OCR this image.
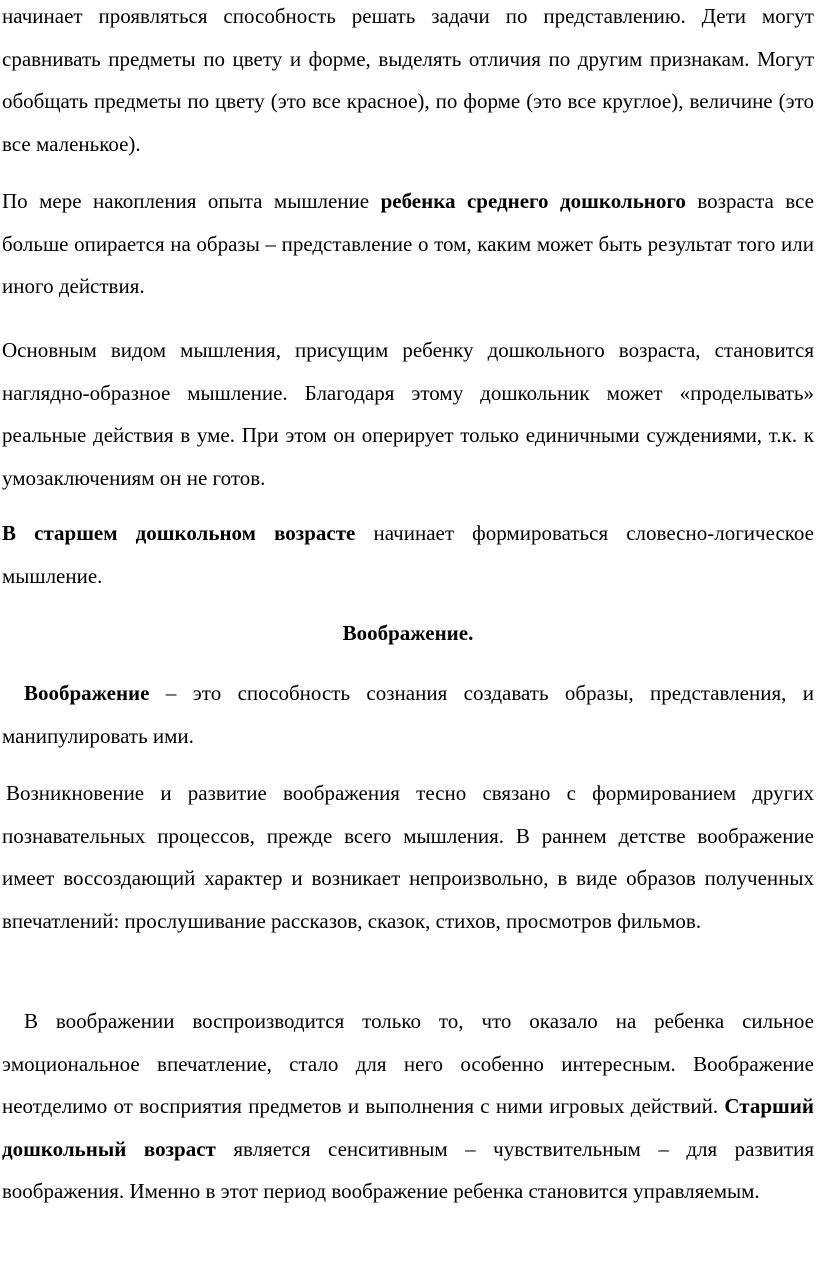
начинает проявляться способность решать задачи по представлению. Дети могут сравнивать предметы по цвету и форме, выделять отличия по другим признакам. Могут обобщать предметы по цвету (это все красное), по форме (это все круглое), величине (это все маленькое).

По мере накопления опыта мышление ребенка среднего дошкольного возраста все больше опирается на образы – представление о том, каким может быть результат того или иного действия.

Основным видом мышления, присущим ребенку дошкольного возраста, становится наглядно-образное мышление. Благодаря этому дошкольник может «проделывать» реальные действия в уме. При этом он оперирует только единичными суждениями, т.к. к умозаключениям он не готов.

В старшем дошкольном возрасте начинает формироваться словесно-логическое мышление.

Воображение.

Воображение – это способность сознания создавать образы, представления, и манипулировать ими.

Возникновение и развитие воображения тесно связано с формированием других познавательных процессов, прежде всего мышления. В раннем детстве воображение имеет воссоздающий характер и возникает непроизвольно, в виде образов полученных впечатлений: прослушивание рассказов, сказок, стихов, просмотров фильмов.

В воображении воспроизводится только то, что оказало на ребенка сильное эмоциональное впечатление, стало для него особенно интересным. Воображение неотделимо от восприятия предметов и выполнения с ними игровых действий. Старший дошкольный возраст является сенситивным – чувствительным – для развития воображения. Именно в этот период воображение ребенка становится управляемым.
